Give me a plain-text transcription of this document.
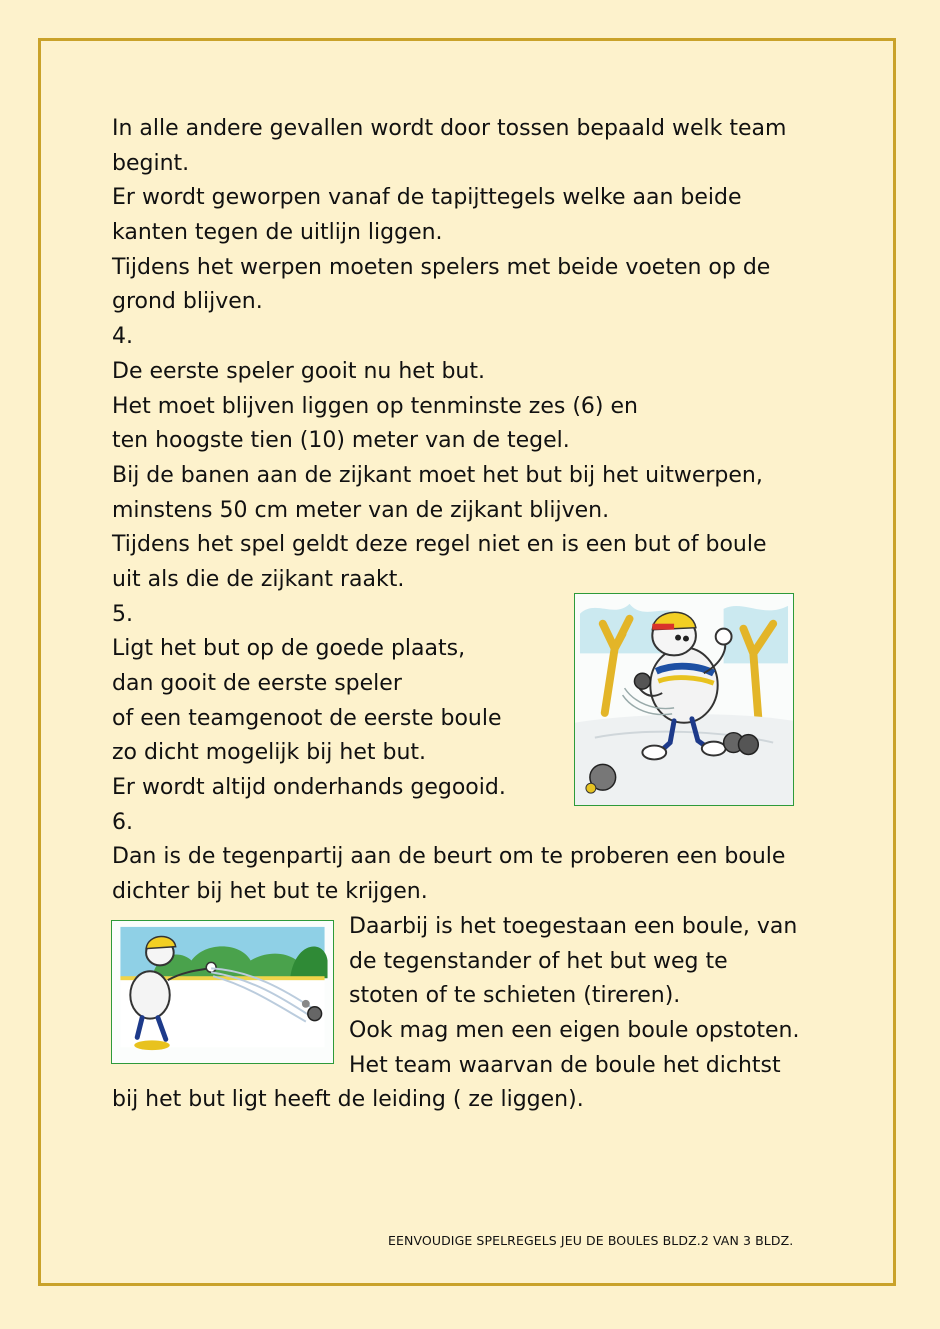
In alle andere gevallen wordt door tossen bepaald welk team
begint.
Er wordt geworpen vanaf de tapijttegels welke aan beide
kanten tegen de uitlijn liggen.
Tijdens het werpen moeten spelers met beide voeten op de
grond blijven.
4.
De eerste speler gooit nu het but.
Het moet blijven liggen op tenminste zes (6) en
ten hoogste tien (10) meter van de tegel.
Bij de banen aan de zijkant moet het but bij het uitwerpen,
minstens 50 cm meter van de zijkant blijven.
Tijdens het spel geldt deze regel niet en is een but of boule
uit als die de zijkant raakt.
5.
Ligt het but op de goede plaats,
dan gooit de eerste speler
of een teamgenoot de eerste boule
zo dicht mogelijk bij het but.
Er wordt altijd onderhands gegooid.
6.
Dan is de tegenpartij aan de beurt om te proberen een boule
dichter bij het but te krijgen.
Daarbij is het toegestaan een boule, van
de tegenstander of het but weg te
stoten of te schieten (tireren).
Ook mag men een eigen boule opstoten.
Het team waarvan de boule het dichtst
bij het but ligt heeft de leiding ( ze liggen).
EENVOUDIGE SPELREGELS JEU DE BOULES BLDZ.2 VAN 3 BLDZ.
